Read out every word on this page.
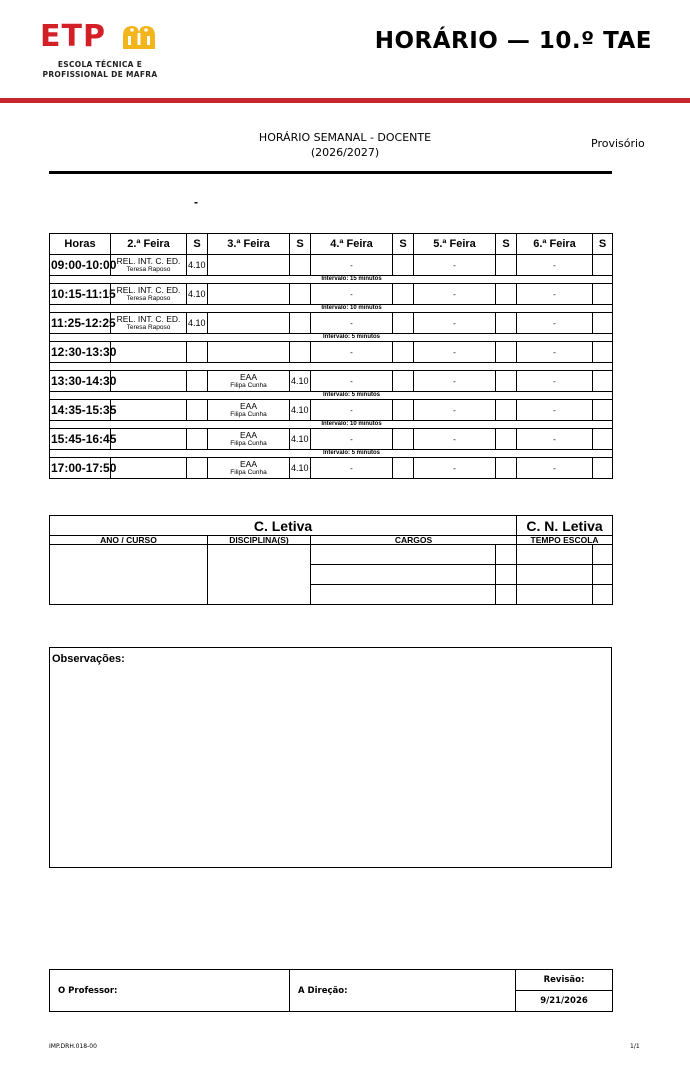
ETP
ESCOLA TÉCNICA E
PROFISSIONAL DE MAFRA
HORÁRIO — 10.º TAE
HORÁRIO SEMANAL - DOCENTE
(2026/2027)
Provisório
-
Horas	2.ª Feira	S	3.ª Feira	S	4.ª Feira	S	5.ª Feira	S	6.ª Feira	S
09:00-10:00	REL. INT. C. ED.
Teresa Raposo	4.10			-		-		-	
					Intervalo: 15 minutos					
10:15-11:15	REL. INT. C. ED.
Teresa Raposo	4.10			-		-		-	
					Intervalo: 10 minutos					
11:25-12:25	REL. INT. C. ED.
Teresa Raposo	4.10			-		-		-	
					Intervalo: 5 minutos					
12:30-13:30					-		-		-	

13:30-14:30			EAA
Filipa Cunha	4.10	-		-		-	
					Intervalo: 5 minutos					
14:35-15:35			EAA
Filipa Cunha	4.10	-		-		-	
					Intervalo: 10 minutos					
15:45-16:45			EAA
Filipa Cunha	4.10	-		-		-	
					Intervalo: 5 minutos					
17:00-17:50			EAA
Filipa Cunha	4.10	-		-		-	
C. Letiva				C. N. Letiva	
ANO / CURSO	DISCIPLINA(S)	CARGOS		TEMPO ESCOLA	

Observações:
O Professor:	A Direção:	Revisão:
9/21/2026
IMP.DRH.018-00	1/1
